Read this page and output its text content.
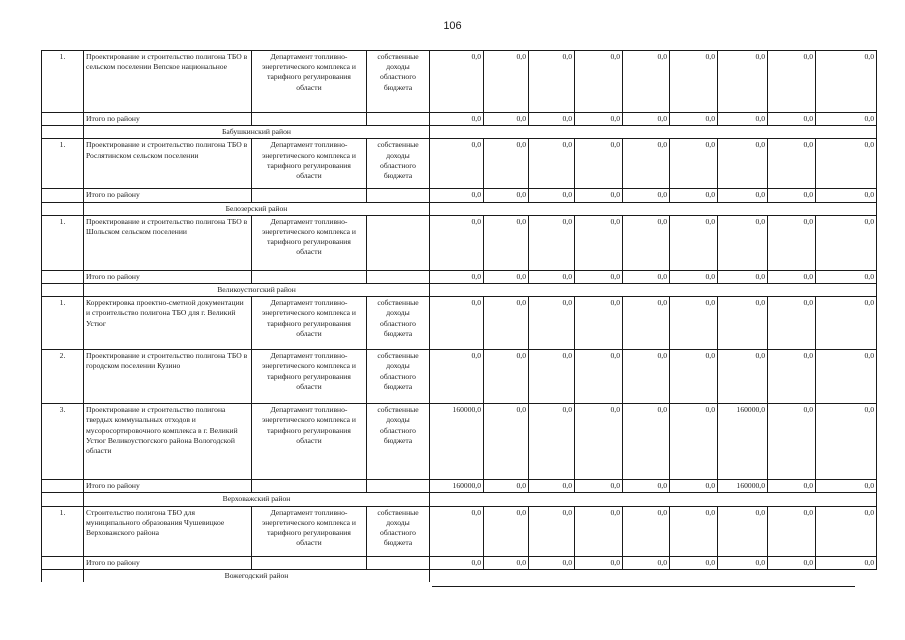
106
1.	Проектирование и строительство полигона ТБО в сельском поселении Вепское национальное	Департамент топливно-энергетического комплекса и тарифного регулирования области	собственные доходы областного бюджета	0,0	0,0	0,0	0,0	0,0	0,0	0,0	0,0	0,0
	Итого по району			0,0	0,0	0,0	0,0	0,0	0,0	0,0	0,0	0,0
	Бабушкинский район											
1.	Проектирование и строительство полигона ТБО в Рослятинском сельском поселении	Департамент топливно-энергетического комплекса и тарифного регулирования области	собственные доходы областного бюджета	0,0	0,0	0,0	0,0	0,0	0,0	0,0	0,0	0,0
	Итого по району			0,0	0,0	0,0	0,0	0,0	0,0	0,0	0,0	0,0
	Белозерский район											
1.	Проектирование и строительство полигона ТБО в Шольском сельском поселении	Департамент топливно-энергетического комплекса и тарифного регулирования области		0,0	0,0	0,0	0,0	0,0	0,0	0,0	0,0	0,0
	Итого по району			0,0	0,0	0,0	0,0	0,0	0,0	0,0	0,0	0,0
	Великоустюгский район											
1.	Корректировка проектно-сметной документации и строительство полигона ТБО для г. Великий Устюг	Департамент топливно-энергетического комплекса и тарифного регулирования области	собственные доходы областного бюджета	0,0	0,0	0,0	0,0	0,0	0,0	0,0	0,0	0,0
2.	Проектирование и строительство полигона ТБО в городском поселении Кузино	Департамент топливно-энергетического комплекса и тарифного регулирования области	собственные доходы областного бюджета	0,0	0,0	0,0	0,0	0,0	0,0	0,0	0,0	0,0
3.	Проектирование и строительство полигона твердых коммунальных отходов и мусоросортировочного комплекса в г. Великий Устюг Великоустюгского района Вологодской области	Департамент топливно-энергетического комплекса и тарифного регулирования области	собственные доходы областного бюджета	160000,0	0,0	0,0	0,0	0,0	0,0	160000,0	0,0	0,0
	Итого по району			160000,0	0,0	0,0	0,0	0,0	0,0	160000,0	0,0	0,0
	Верховажский район											
1.	Строительство полигона ТБО для муниципального образования Чушевицкое Верховажского района	Департамент топливно-энергетического комплекса и тарифного регулирования области	собственные доходы областного бюджета	0,0	0,0	0,0	0,0	0,0	0,0	0,0	0,0	0,0
	Итого по району			0,0	0,0	0,0	0,0	0,0	0,0	0,0	0,0	0,0
	Вожегодский район											
